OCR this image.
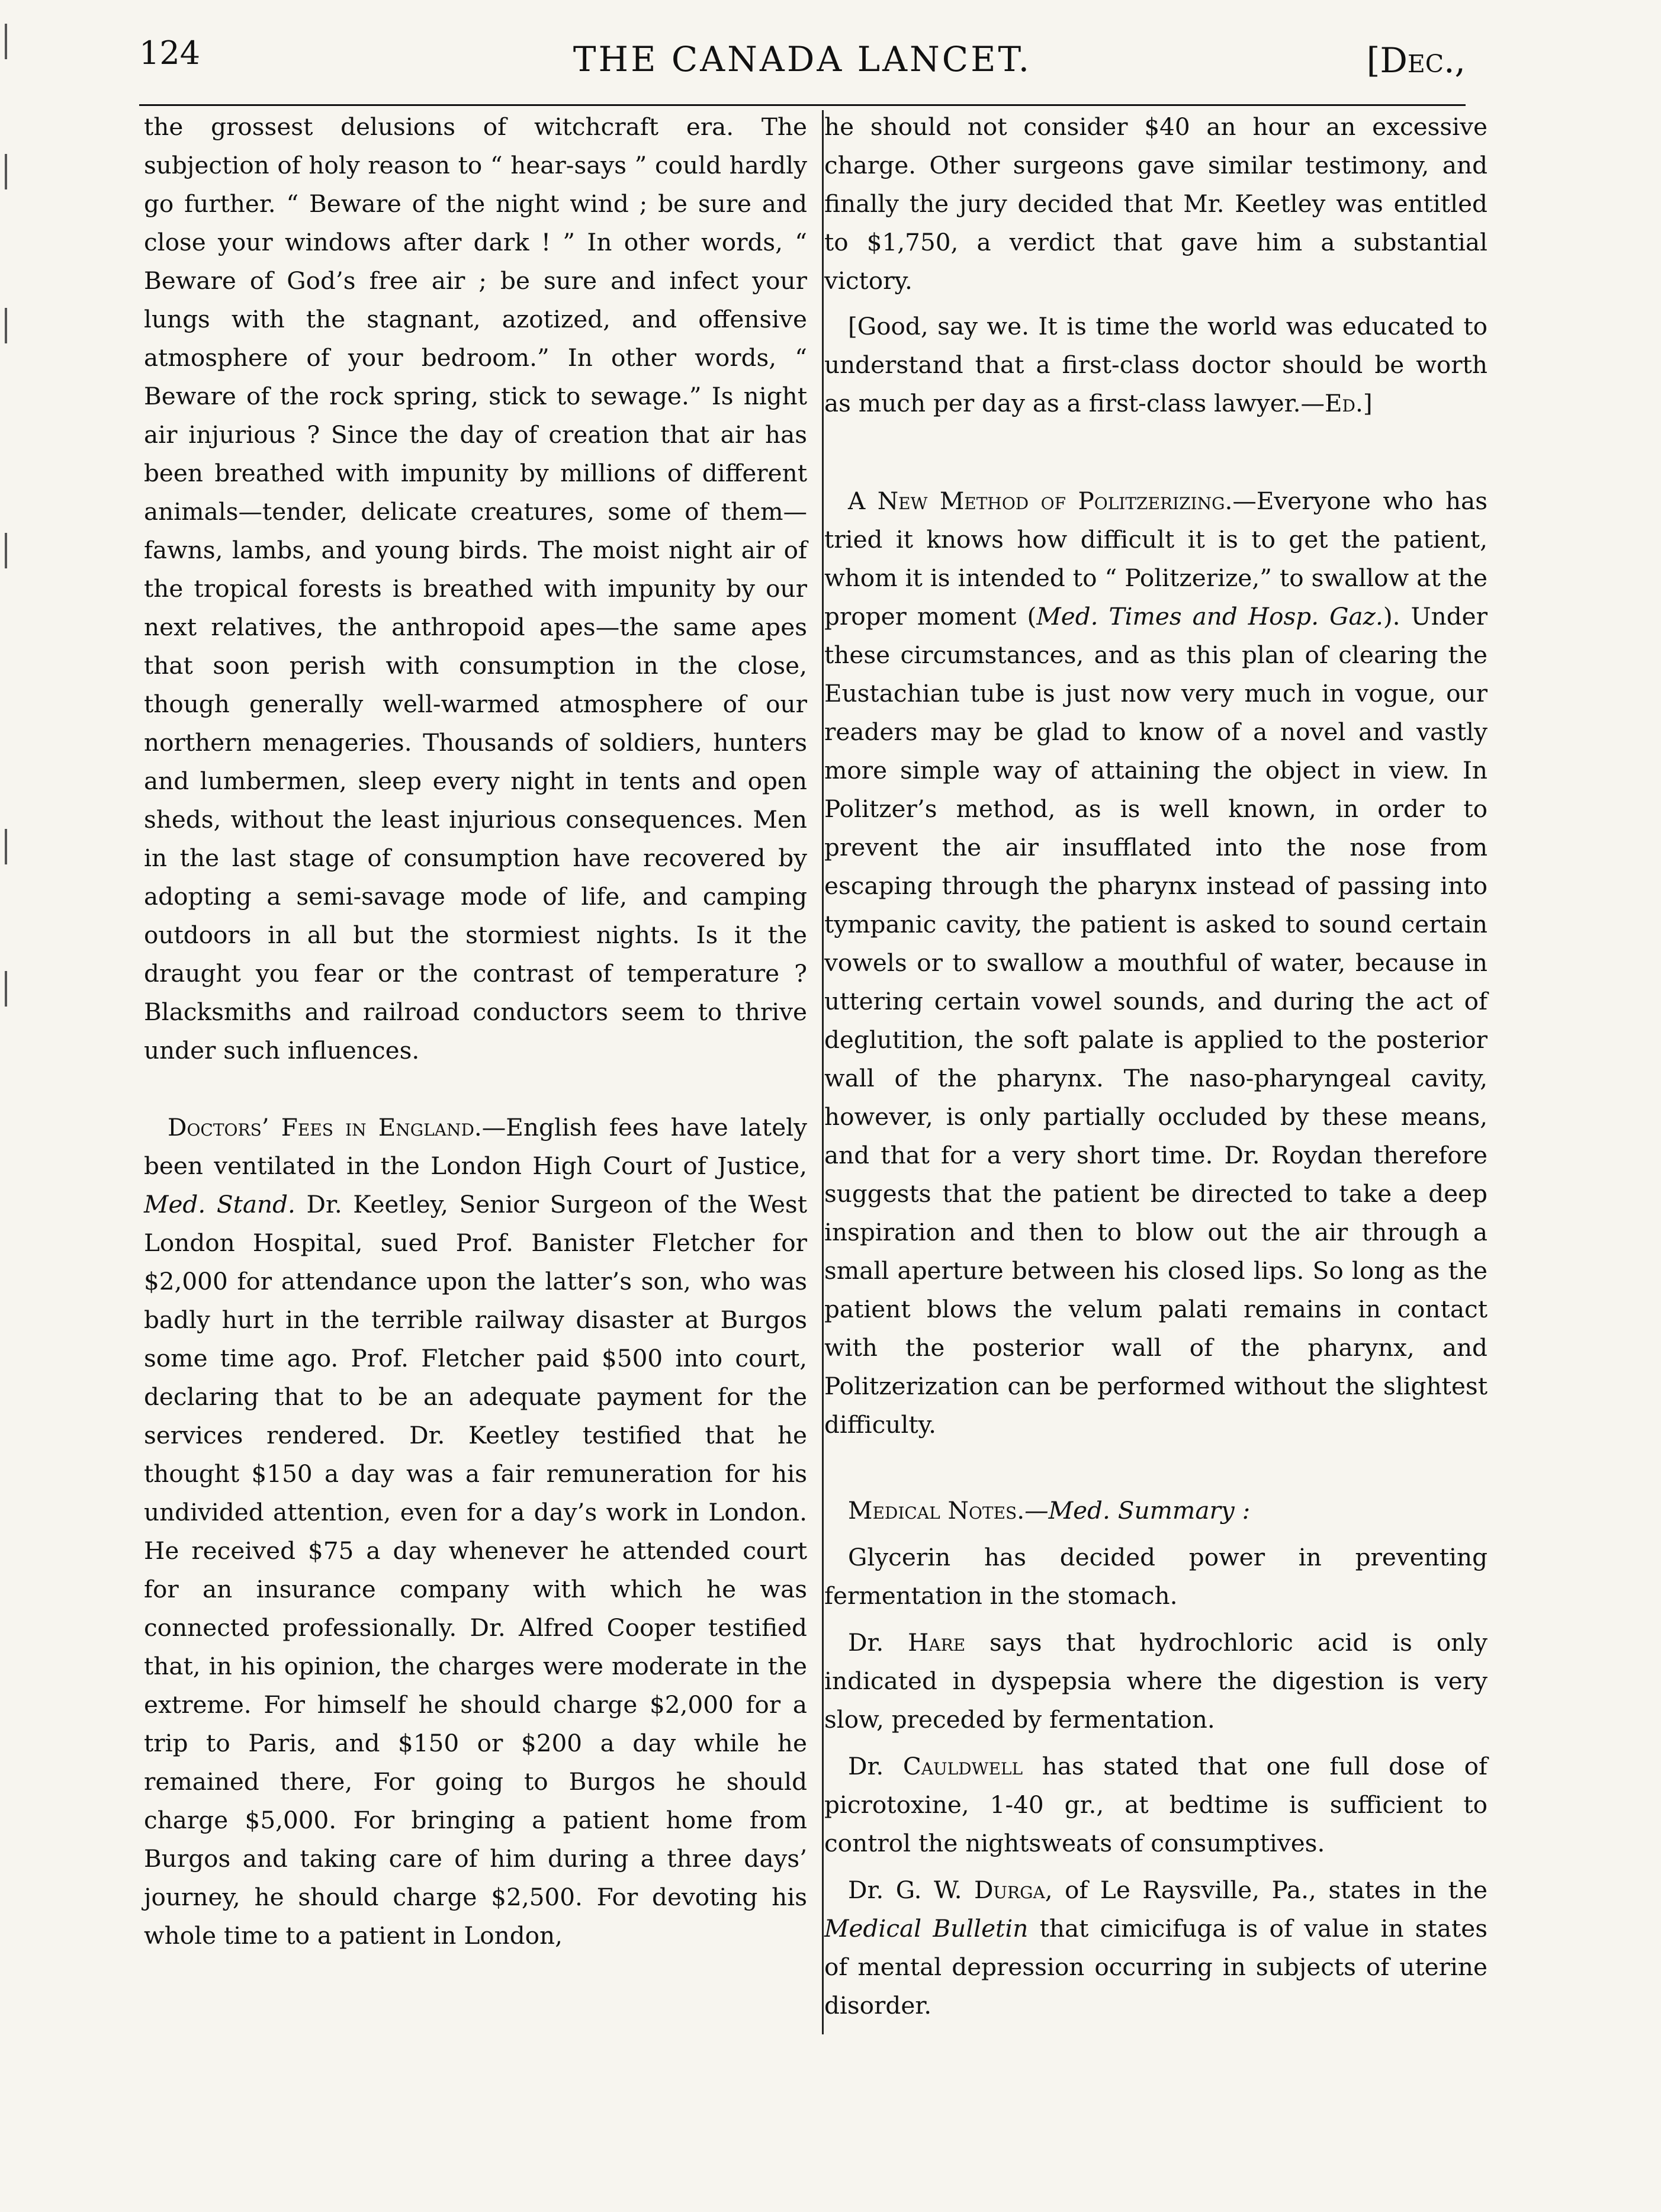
124	THE CANADA LANCET.	[Dec.,

the grossest delusions of witchcraft era. The subjection of holy reason to “ hear-says ” could hardly go further. “ Beware of the night wind ; be sure and close your windows after dark ! ” In other words, “ Beware of God’s free air ; be sure and infect your lungs with the stagnant, azotized, and offensive atmosphere of your bedroom.” In other words, “ Beware of the rock spring, stick to sewage.” Is night air injurious ? Since the day of creation that air has been breathed with impunity by millions of different animals—tender, delicate creatures, some of them—fawns, lambs, and young birds. The moist night air of the tropical forests is breathed with impunity by our next relatives, the anthropoid apes—the same apes that soon perish with consumption in the close, though generally well-warmed atmosphere of our northern menageries. Thousands of soldiers, hunters and lumbermen, sleep every night in tents and open sheds, without the least injurious consequences. Men in the last stage of consumption have recovered by adopting a semi-savage mode of life, and camping outdoors in all but the stormiest nights. Is it the draught you fear or the contrast of temperature ? Blacksmiths and railroad conductors seem to thrive under such influences.

Doctors’ Fees in England.—English fees have lately been ventilated in the London High Court of Justice, Med. Stand. Dr. Keetley, Senior Surgeon of the West London Hospital, sued Prof. Banister Fletcher for $2,000 for attendance upon the latter’s son, who was badly hurt in the terrible railway disaster at Burgos some time ago. Prof. Fletcher paid $500 into court, declaring that to be an adequate payment for the services rendered. Dr. Keetley testified that he thought $150 a day was a fair remuneration for his undivided attention, even for a day’s work in London. He received $75 a day whenever he attended court for an insurance company with which he was connected professionally. Dr. Alfred Cooper testified that, in his opinion, the charges were moderate in the extreme. For himself he should charge $2,000 for a trip to Paris, and $150 or $200 a day while he remained there, For going to Burgos he should charge $5,000. For bringing a patient home from Burgos and taking care of him during a three days’ journey, he should charge $2,500. For devoting his whole time to a patient in London,

he should not consider $40 an hour an excessive charge. Other surgeons gave similar testimony, and finally the jury decided that Mr. Keetley was entitled to $1,750, a verdict that gave him a substantial victory.

[Good, say we. It is time the world was educated to understand that a first-class doctor should be worth as much per day as a first-class lawyer.—Ed.]

A New Method of Politzerizing.—Everyone who has tried it knows how difficult it is to get the patient, whom it is intended to “ Politzerize,” to swallow at the proper moment (Med. Times and Hosp. Gaz.). Under these circumstances, and as this plan of clearing the Eustachian tube is just now very much in vogue, our readers may be glad to know of a novel and vastly more simple way of attaining the object in view. In Politzer’s method, as is well known, in order to prevent the air insufflated into the nose from escaping through the pharynx instead of passing into tympanic cavity, the patient is asked to sound certain vowels or to swallow a mouthful of water, because in uttering certain vowel sounds, and during the act of deglutition, the soft palate is applied to the posterior wall of the pharynx. The naso-pharyngeal cavity, however, is only partially occluded by these means, and that for a very short time. Dr. Roydan therefore suggests that the patient be directed to take a deep inspiration and then to blow out the air through a small aperture between his closed lips. So long as the patient blows the velum palati remains in contact with the posterior wall of the pharynx, and Politzerization can be performed without the slightest difficulty.

Medical Notes.—Med. Summary :

Glycerin has decided power in preventing fermentation in the stomach.

Dr. Hare says that hydrochloric acid is only indicated in dyspepsia where the digestion is very slow, preceded by fermentation.

Dr. Cauldwell has stated that one full dose of picrotoxine, 1-40 gr., at bedtime is sufficient to control the nightsweats of consumptives.

Dr. G. W. Durga, of Le Raysville, Pa., states in the Medical Bulletin that cimicifuga is of value in states of mental depression occurring in subjects of uterine disorder.
